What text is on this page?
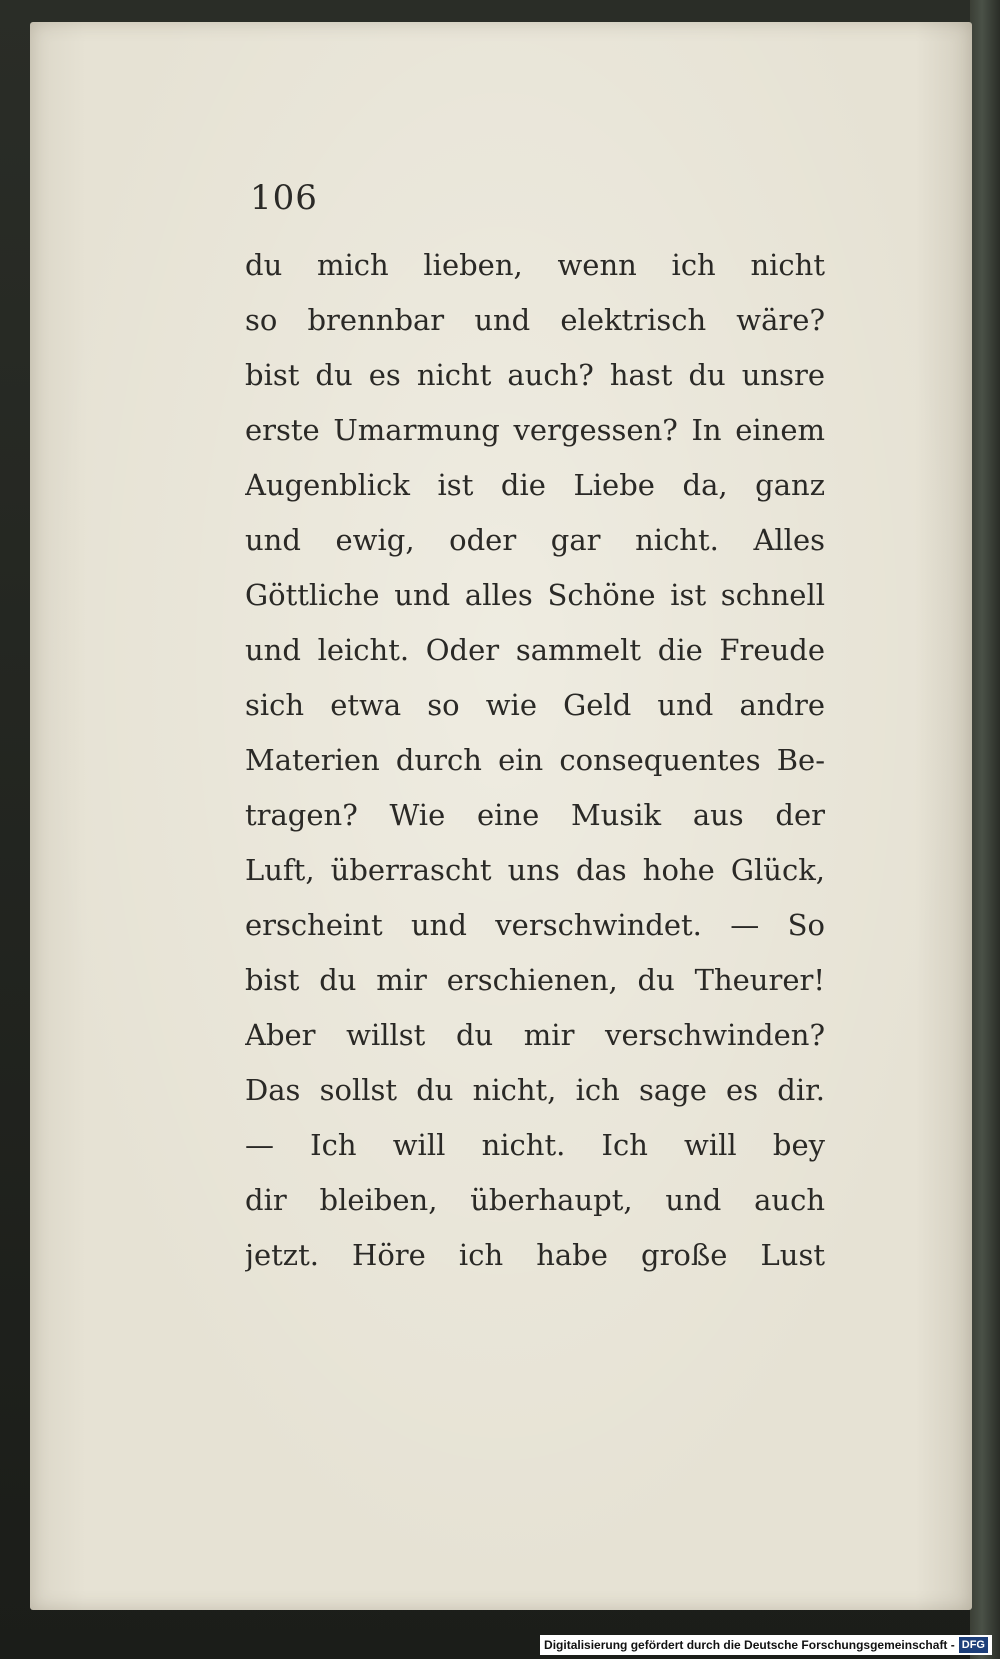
106
du mich lieben, wenn ich nicht
so brennbar und elektrisch wäre?
bist du es nicht auch? hast du unsre
erste Umarmung vergessen? In einem
Augenblick ist die Liebe da, ganz
und ewig, oder gar nicht. Alles
Göttliche und alles Schöne ist schnell
und leicht. Oder sammelt die Freude
sich etwa so wie Geld und andre
Materien durch ein consequentes Be-
tragen? Wie eine Musik aus der
Luft, überrascht uns das hohe Glück,
erscheint und verschwindet. — So
bist du mir erschienen, du Theurer!
Aber willst du mir verschwinden?
Das sollst du nicht, ich sage es dir.
— Ich will nicht. Ich will bey
dir bleiben, überhaupt, und auch
jetzt. Höre ich habe große Lust
Digitalisierung gefördert durch die Deutsche Forschungsgemeinschaft - DFG
